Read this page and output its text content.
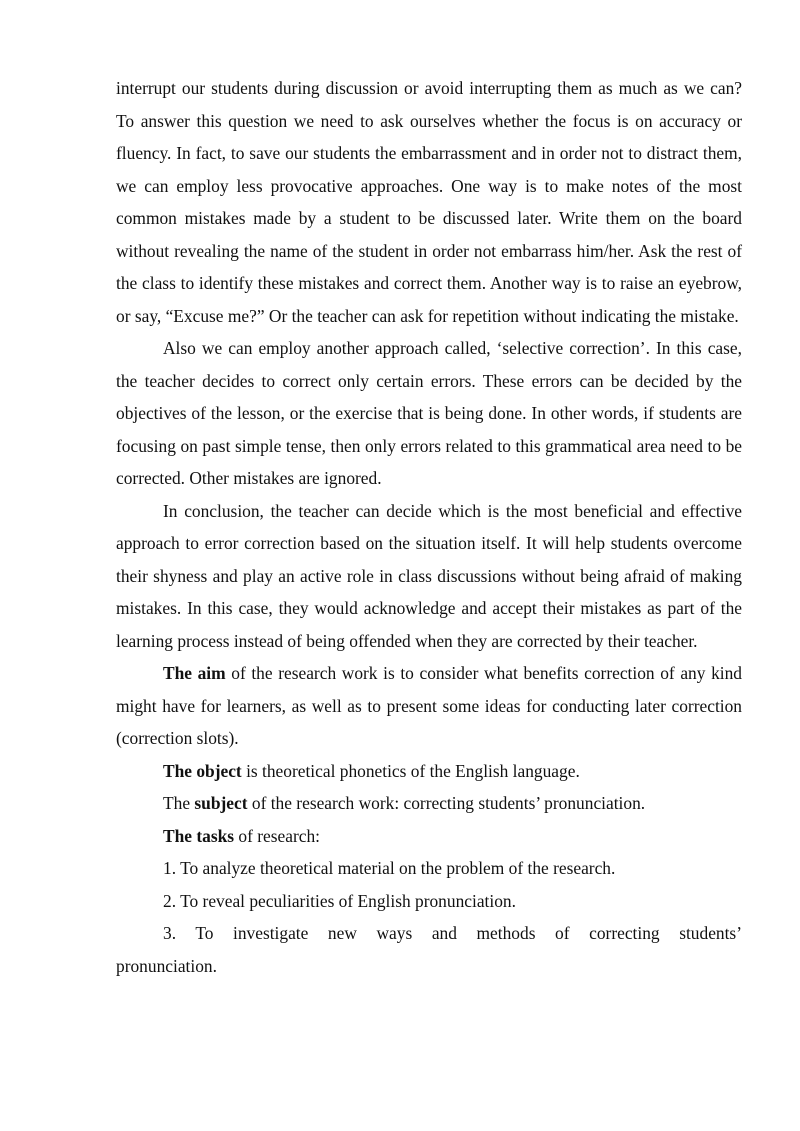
interrupt our students during discussion or avoid interrupting them as much as we can? To answer this question we need to ask ourselves whether the focus is on accuracy or fluency. In fact, to save our students the embarrassment and in order not to distract them, we can employ less provocative approaches. One way is to make notes of the most common mistakes made by a student to be discussed later. Write them on the board without revealing the name of the student in order not embarrass him/her. Ask the rest of the class to identify these mistakes and correct them. Another way is to raise an eyebrow, or say, “Excuse me?” Or the teacher can ask for repetition without indicating the mistake.

Also we can employ another approach called, ‘selective correction’. In this case, the teacher decides to correct only certain errors. These errors can be decided by the objectives of the lesson, or the exercise that is being done. In other words, if students are focusing on past simple tense, then only errors related to this grammatical area need to be corrected. Other mistakes are ignored.

In conclusion, the teacher can decide which is the most beneficial and effective approach to error correction based on the situation itself. It will help students overcome their shyness and play an active role in class discussions without being afraid of making mistakes. In this case, they would acknowledge and accept their mistakes as part of the learning process instead of being offended when they are corrected by their teacher.

The aim of the research work is to consider what benefits correction of any kind might have for learners, as well as to present some ideas for conducting later correction (correction slots).

The object is theoretical phonetics of the English language.

The subject of the research work: correcting students’ pronunciation.

The tasks of research:

1. To analyze theoretical material on the problem of the research.

2. To reveal peculiarities of English pronunciation.

3. To investigate new ways and methods of correcting students’

pronunciation.
